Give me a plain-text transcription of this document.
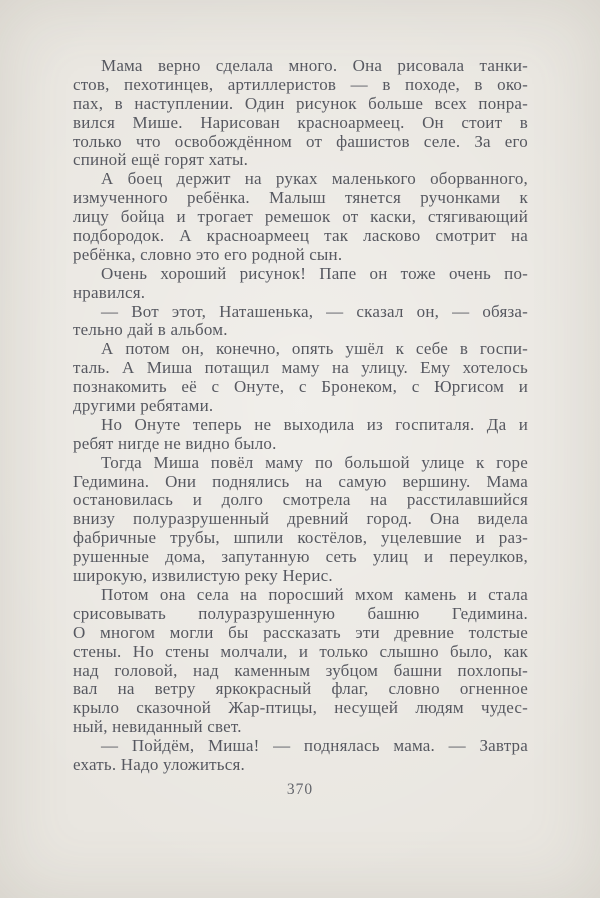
Мама верно сделала много. Она рисовала танки-
стов, пехотинцев, артиллеристов — в походе, в око-
пах, в наступлении. Один рисунок больше всех понра-
вился Мише. Нарисован красноармеец. Он стоит в
только что освобождённом от фашистов селе. За его
спиной ещё горят хаты.
А боец держит на руках маленького оборванного,
измученного ребёнка. Малыш тянется ручонками к
лицу бойца и трогает ремешок от каски, стягивающий
подбородок. А красноармеец так ласково смотрит на
ребёнка, словно это его родной сын.
Очень хороший рисунок! Папе он тоже очень по-
нравился.
— Вот этот, Наташенька, — сказал он, — обяза-
тельно дай в альбом.
А потом он, конечно, опять ушёл к себе в госпи-
таль. А Миша потащил маму на улицу. Ему хотелось
познакомить её с Онуте, с Бронеком, с Юргисом и
другими ребятами.
Но Онуте теперь не выходила из госпиталя. Да и
ребят нигде не видно было.
Тогда Миша повёл маму по большой улице к горе
Гедимина. Они поднялись на самую вершину. Мама
остановилась и долго смотрела на расстилавшийся
внизу полуразрушенный древний город. Она видела
фабричные трубы, шпили костёлов, уцелевшие и раз-
рушенные дома, запутанную сеть улиц и переулков,
широкую, извилистую реку Нерис.
Потом она села на поросший мхом камень и стала
срисовывать полуразрушенную башню Гедимина.
О многом могли бы рассказать эти древние толстые
стены. Но стены молчали, и только слышно было, как
над головой, над каменным зубцом башни похлопы-
вал на ветру яркокрасный флаг, словно огненное
крыло сказочной Жар-птицы, несущей людям чудес-
ный, невиданный свет.
— Пойдём, Миша! — поднялась мама. — Завтра
ехать. Надо уложиться.
370
